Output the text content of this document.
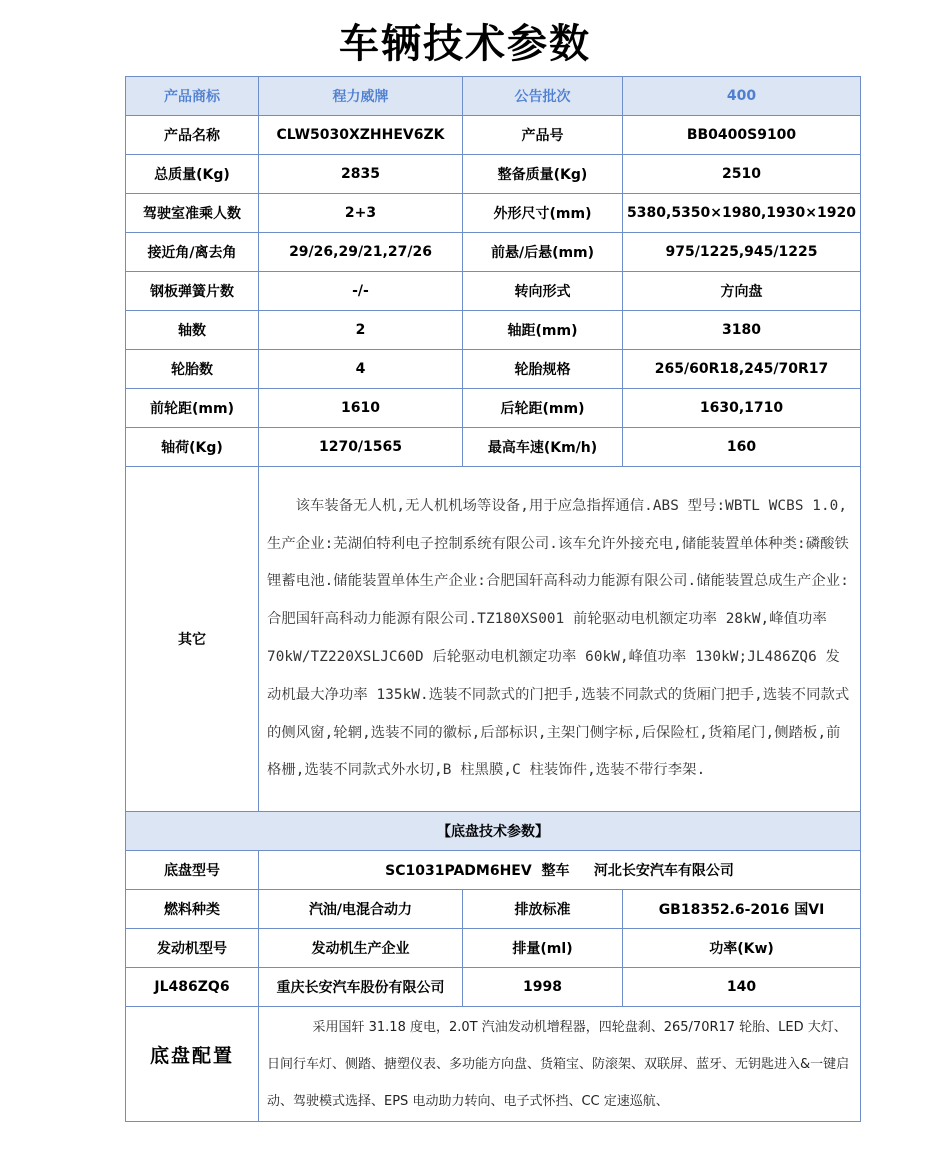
车辆技术参数
产品商标	程力威牌	公告批次	400
产品名称	CLW5030XZHHEV6ZK	产品号	BB0400S9100
总质量(Kg)	2835	整备质量(Kg)	2510
驾驶室准乘人数	2+3	外形尺寸(mm)	5380,5350×1980,1930×1920
接近角/离去角	29/26,29/21,27/26	前悬/后悬(mm)	975/1225,945/1225
钢板弹簧片数	-/-	转向形式	方向盘
轴数	2	轴距(mm)	3180
轮胎数	4	轮胎规格	265/60R18,245/70R17
前轮距(mm)	1610	后轮距(mm)	1630,1710
轴荷(Kg)	1270/1565	最高车速(Km/h)	160
其它	该车装备无人机,无人机机场等设备,用于应急指挥通信.ABS 型号:WBTL WCBS 1.0,生产企业:芜湖伯特利电子控制系统有限公司.该车允许外接充电,储能装置单体种类:磷酸铁锂蓄电池.储能装置单体生产企业:合肥国轩高科动力能源有限公司.储能装置总成生产企业:合肥国轩高科动力能源有限公司.TZ180XS001 前轮驱动电机额定功率 28kW,峰值功率 70kW/TZ220XSLJC60D 后轮驱动电机额定功率 60kW,峰值功率 130kW;JL486ZQ6 发动机最大净功率 135kW.选装不同款式的门把手,选装不同款式的货厢门把手,选装不同款式的侧风窗,轮辋,选装不同的徽标,后部标识,主架门侧字标,后保险杠,货箱尾门,侧踏板,前格栅,选装不同款式外水切,B 柱黑膜,C 柱装饰件,选装不带行李架.		

【底盘技术参数】			
底盘型号	SC1031PADM6HEV  整车     河北长安汽车有限公司		
燃料种类	汽油/电混合动力	排放标准	GB18352.6-2016 国VI
发动机型号	发动机生产企业	排量(ml)	功率(Kw)
JL486ZQ6	重庆长安汽车股份有限公司	1998	140
底盘配置	采用国轩 31.18 度电，2.0T 汽油发动机增程器，四轮盘刹、265/70R17 轮胎、LED 大灯、日间行车灯、侧踏、搪塑仪表、多功能方向盘、货箱宝、防滚架、双联屏、蓝牙、无钥匙进入&一键启动、驾驶模式选择、EPS 电动助力转向、电子式怀挡、CC 定速巡航、		
